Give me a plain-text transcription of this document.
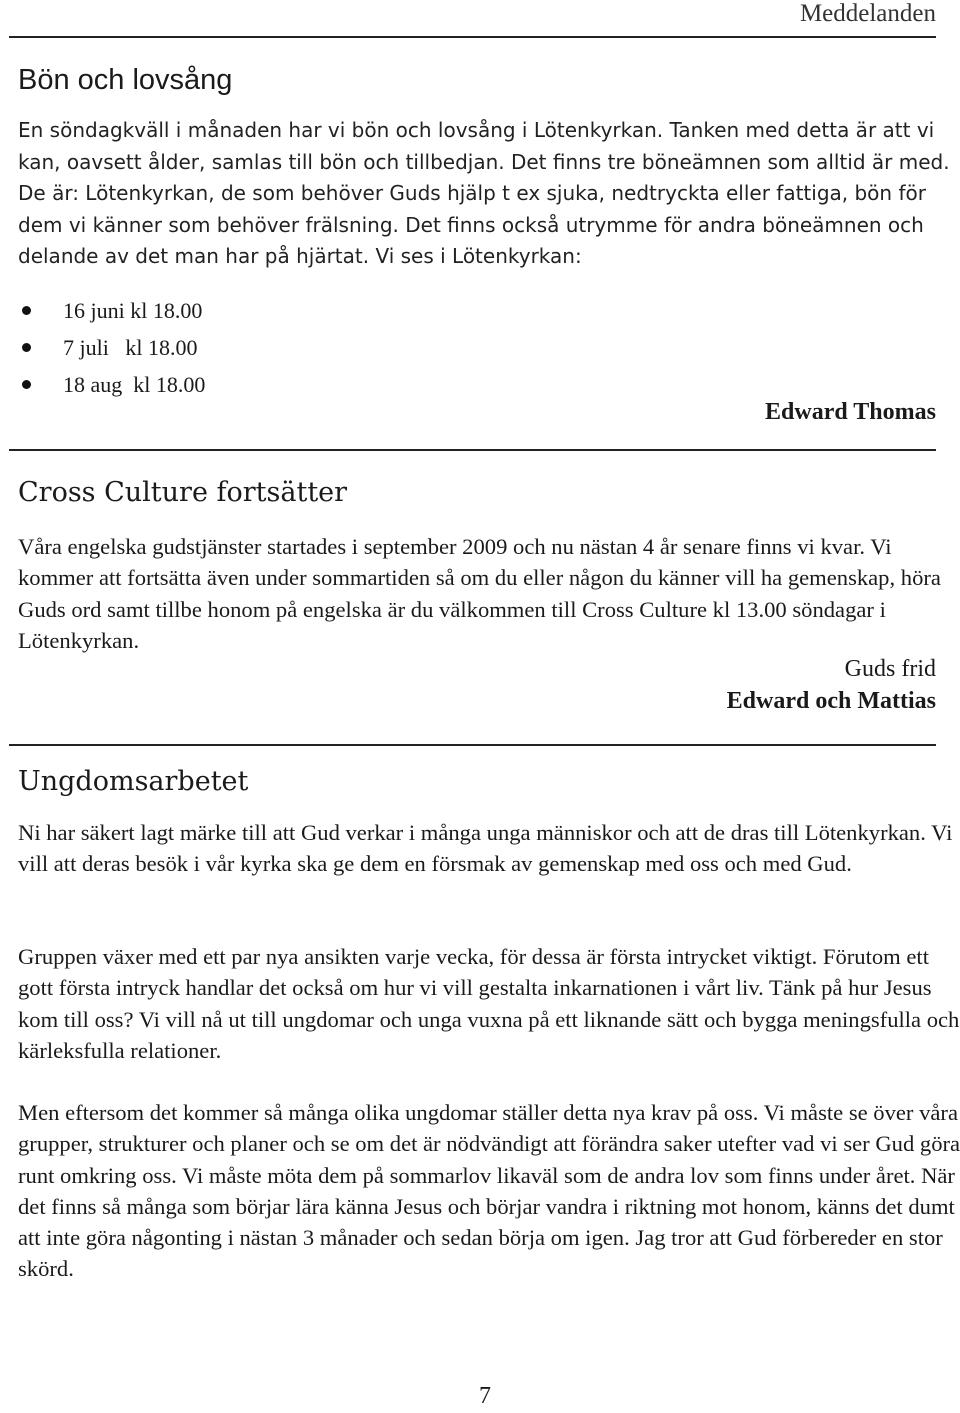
Meddelanden
Bön och lovsång

En söndagkväll i månaden har vi bön och lovsång i Lötenkyrkan. Tanken med detta är att vi kan, oavsett ålder, samlas till bön och tillbedjan. Det finns tre böneämnen som alltid är med. De är: Lötenkyrkan, de som behöver Guds hjälp t ex sjuka, nedtryckta eller fattiga, bön för dem vi känner som behöver frälsning. Det finns också utrymme för andra böneämnen och delande av det man har på hjärtat. Vi ses i Lötenkyrkan:

16 juni kl 18.00
7 juli   kl 18.00
18 aug  kl 18.00
Edward Thomas
Cross Culture fortsätter

Våra engelska gudstjänster startades i september 2009 och nu nästan 4 år senare finns vi kvar. Vi kommer att fortsätta även under sommartiden så om du eller någon du känner vill ha gemenskap, höra Guds ord samt tillbe honom på engelska är du välkommen till Cross Culture kl 13.00 söndagar i Lötenkyrkan.

Guds frid
Edward och Mattias
Ungdomsarbetet

Ni har säkert lagt märke till att Gud verkar i många unga människor och att de dras till Lötenkyrkan. Vi vill att deras besök i vår kyrka ska ge dem en försmak av gemenskap med oss och med Gud.

Gruppen växer med ett par nya ansikten varje vecka, för dessa är första intrycket viktigt. Förutom ett gott första intryck handlar det också om hur vi vill gestalta inkarnationen i vårt liv. Tänk på hur Jesus kom till oss? Vi vill nå ut till ungdomar och unga vuxna på ett liknande sätt och bygga meningsfulla och kärleksfulla relationer.

Men eftersom det kommer så många olika ungdomar ställer detta nya krav på oss. Vi måste se över våra grupper, strukturer och planer och se om det är nödvändigt att förändra saker utefter vad vi ser Gud göra runt omkring oss. Vi måste möta dem på sommarlov likaväl som de andra lov som finns under året. När det finns så många som börjar lära känna Jesus och börjar vandra i riktning mot honom, känns det dumt att inte göra någonting i nästan 3 månader och sedan börja om igen. Jag tror att Gud förbereder en stor skörd.

7
